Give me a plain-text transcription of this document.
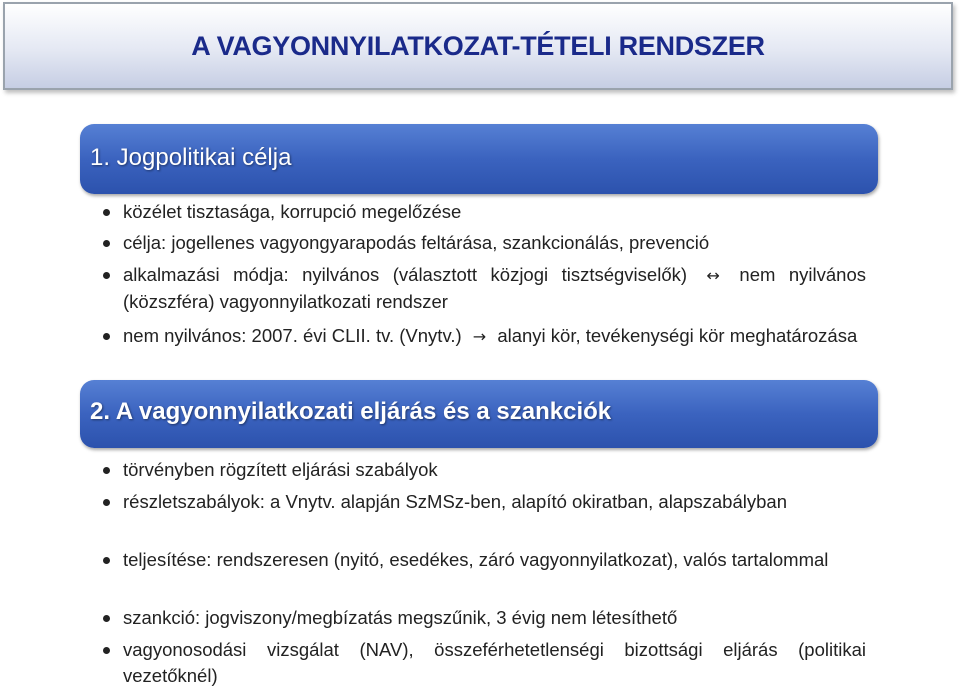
A VAGYONNYILATKOZAT-TÉTELI RENDSZER
1. Jogpolitikai célja
közélet tisztasága, korrupció megelőzése
célja: jogellenes vagyongyarapodás feltárása, szankcionálás, prevenció
alkalmazási módja: nyilvános (választott közjogi tisztségviselők) ↔ nem nyilvános (közszféra) vagyonnyilatkozati rendszer
nem nyilvános: 2007. évi CLII. tv. (Vnytv.) → alanyi kör, tevékenységi kör meghatározása
2. A vagyonnyilatkozati eljárás és a szankciók
törvényben rögzített eljárási szabályok
részletszabályok: a Vnytv. alapján SzMSz-ben, alapító okiratban, alapszabályban
teljesítése: rendszeresen (nyitó, esedékes, záró vagyonnyilatkozat), valós tartalommal
szankció: jogviszony/megbízatás megszűnik, 3 évig nem létesíthető
vagyonosodási vizsgálat (NAV), összeférhetetlenségi bizottsági eljárás (politikai vezetőknél)
